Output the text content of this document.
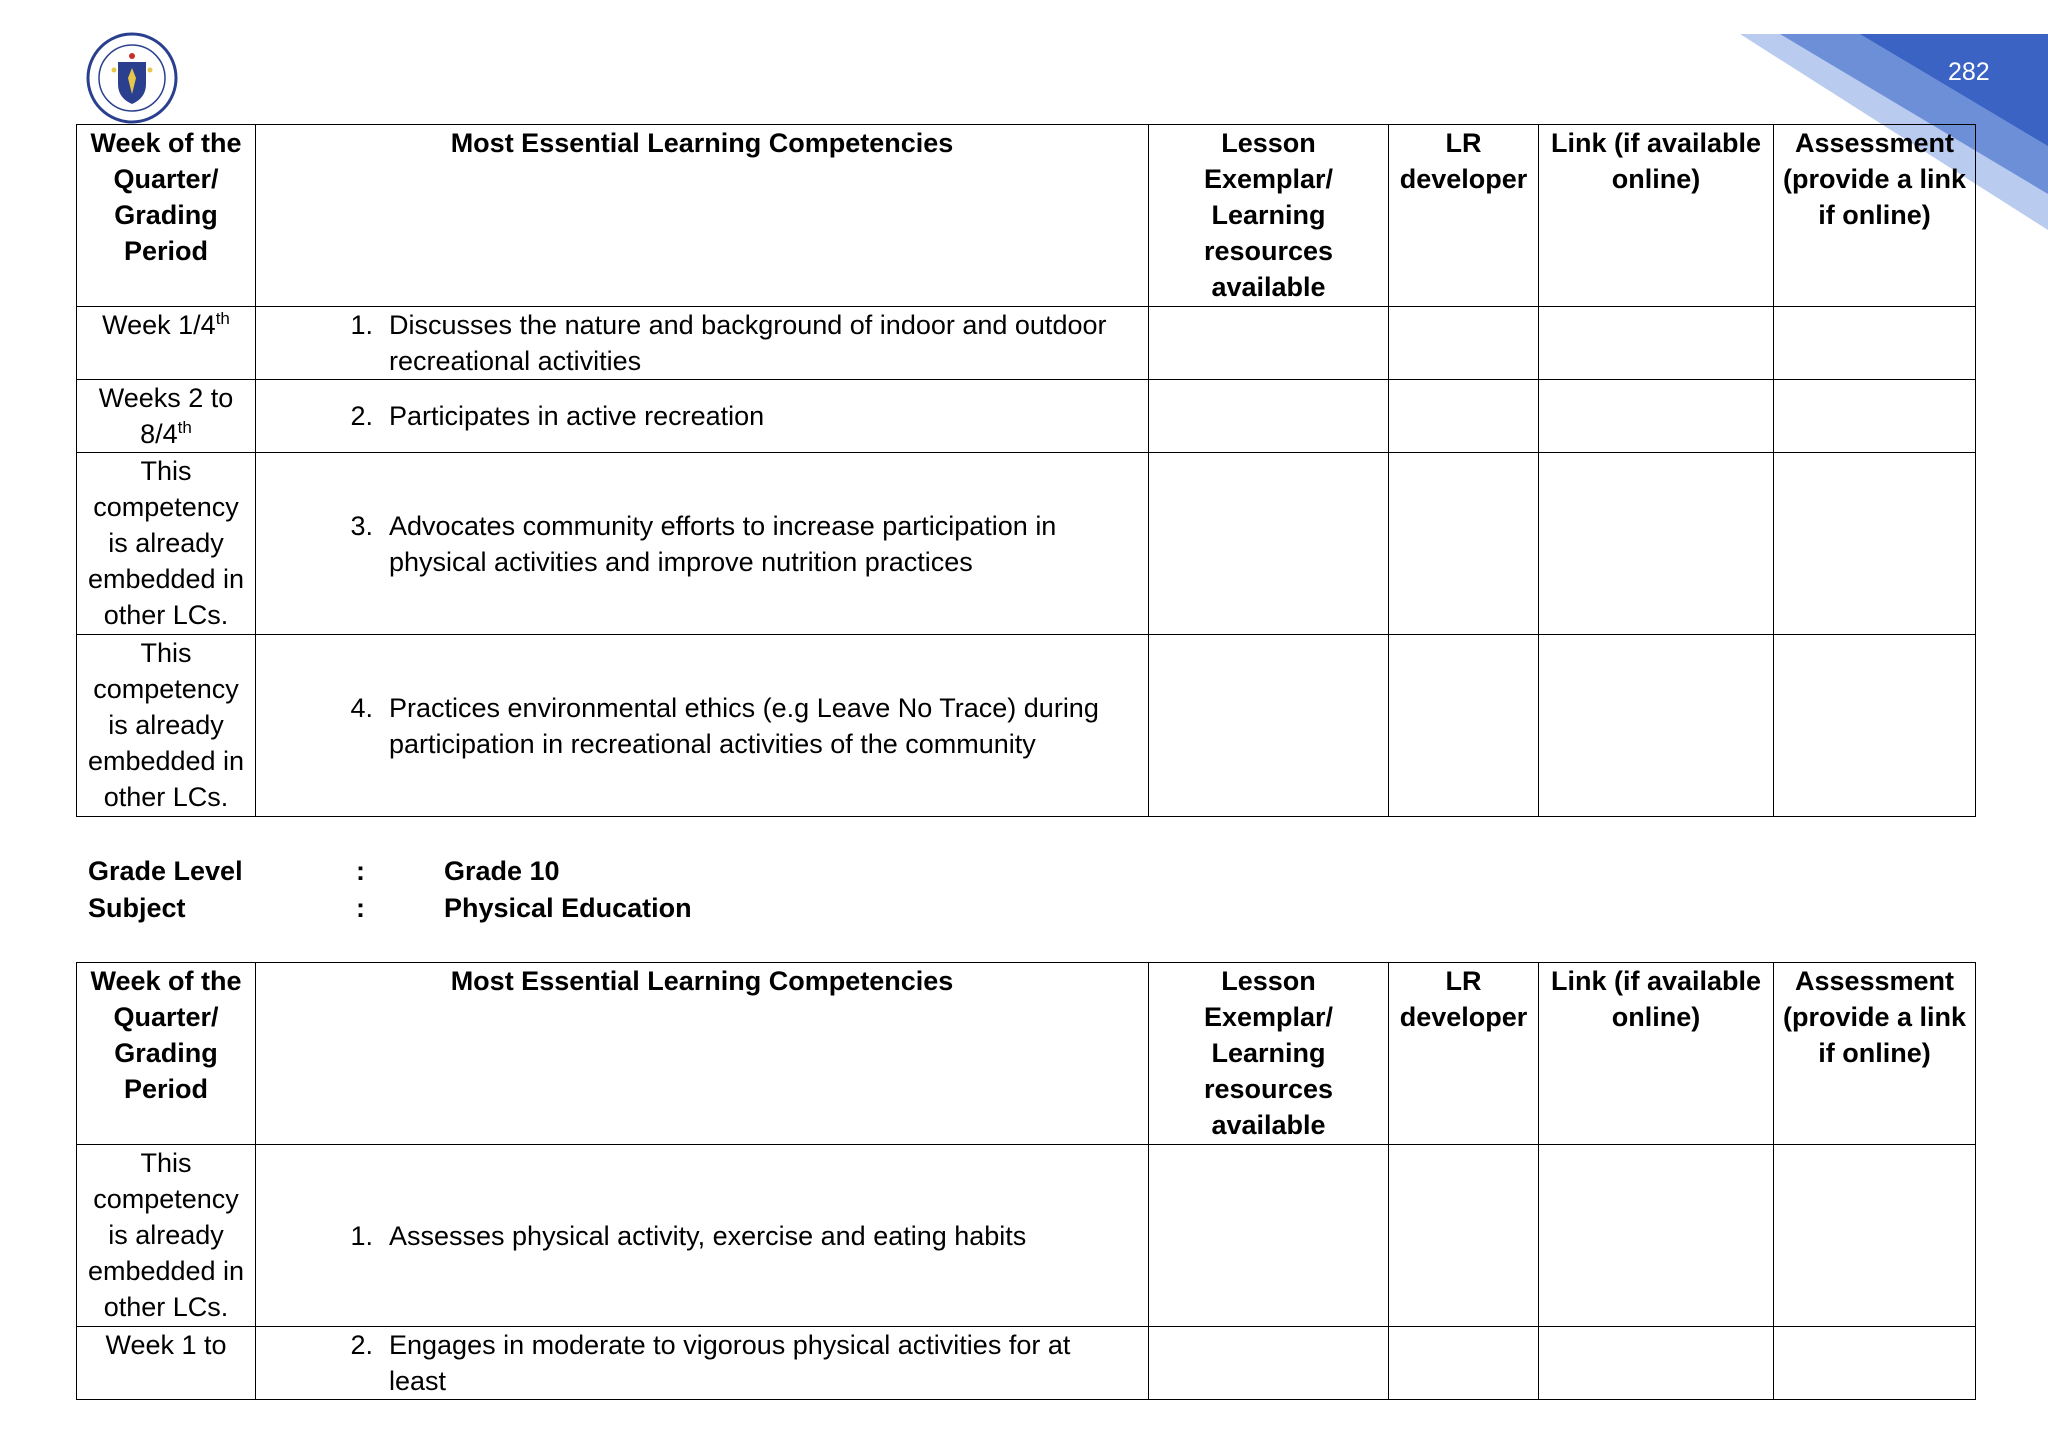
282
Week of the Quarter/ Grading Period	Most Essential Learning Competencies	Lesson Exemplar/ Learning resources available	LR developer	Link (if available online)	Assessment (provide a link if online)
Week 1/4th	1. Discusses the nature and background of indoor and outdoor recreational activities				

Weeks 2 to 8/4th	2. Participates in active recreation				

This competency is already embedded in other LCs.	3. Advocates community efforts to increase participation in physical activities and improve nutrition practices				

This competency is already embedded in other LCs.	4. Practices environmental ethics (e.g Leave No Trace) during participation in recreational activities of the community				

Grade Level	:	Grade 10
Subject	:	Physical Education
Week of the Quarter/ Grading Period	Most Essential Learning Competencies	Lesson Exemplar/ Learning resources available	LR developer	Link (if available online)	Assessment (provide a link if online)
This competency is already embedded in other LCs.	1. Assesses physical activity, exercise and eating habits				

Week 1 to	2. Engages in moderate to vigorous physical activities for at least				
